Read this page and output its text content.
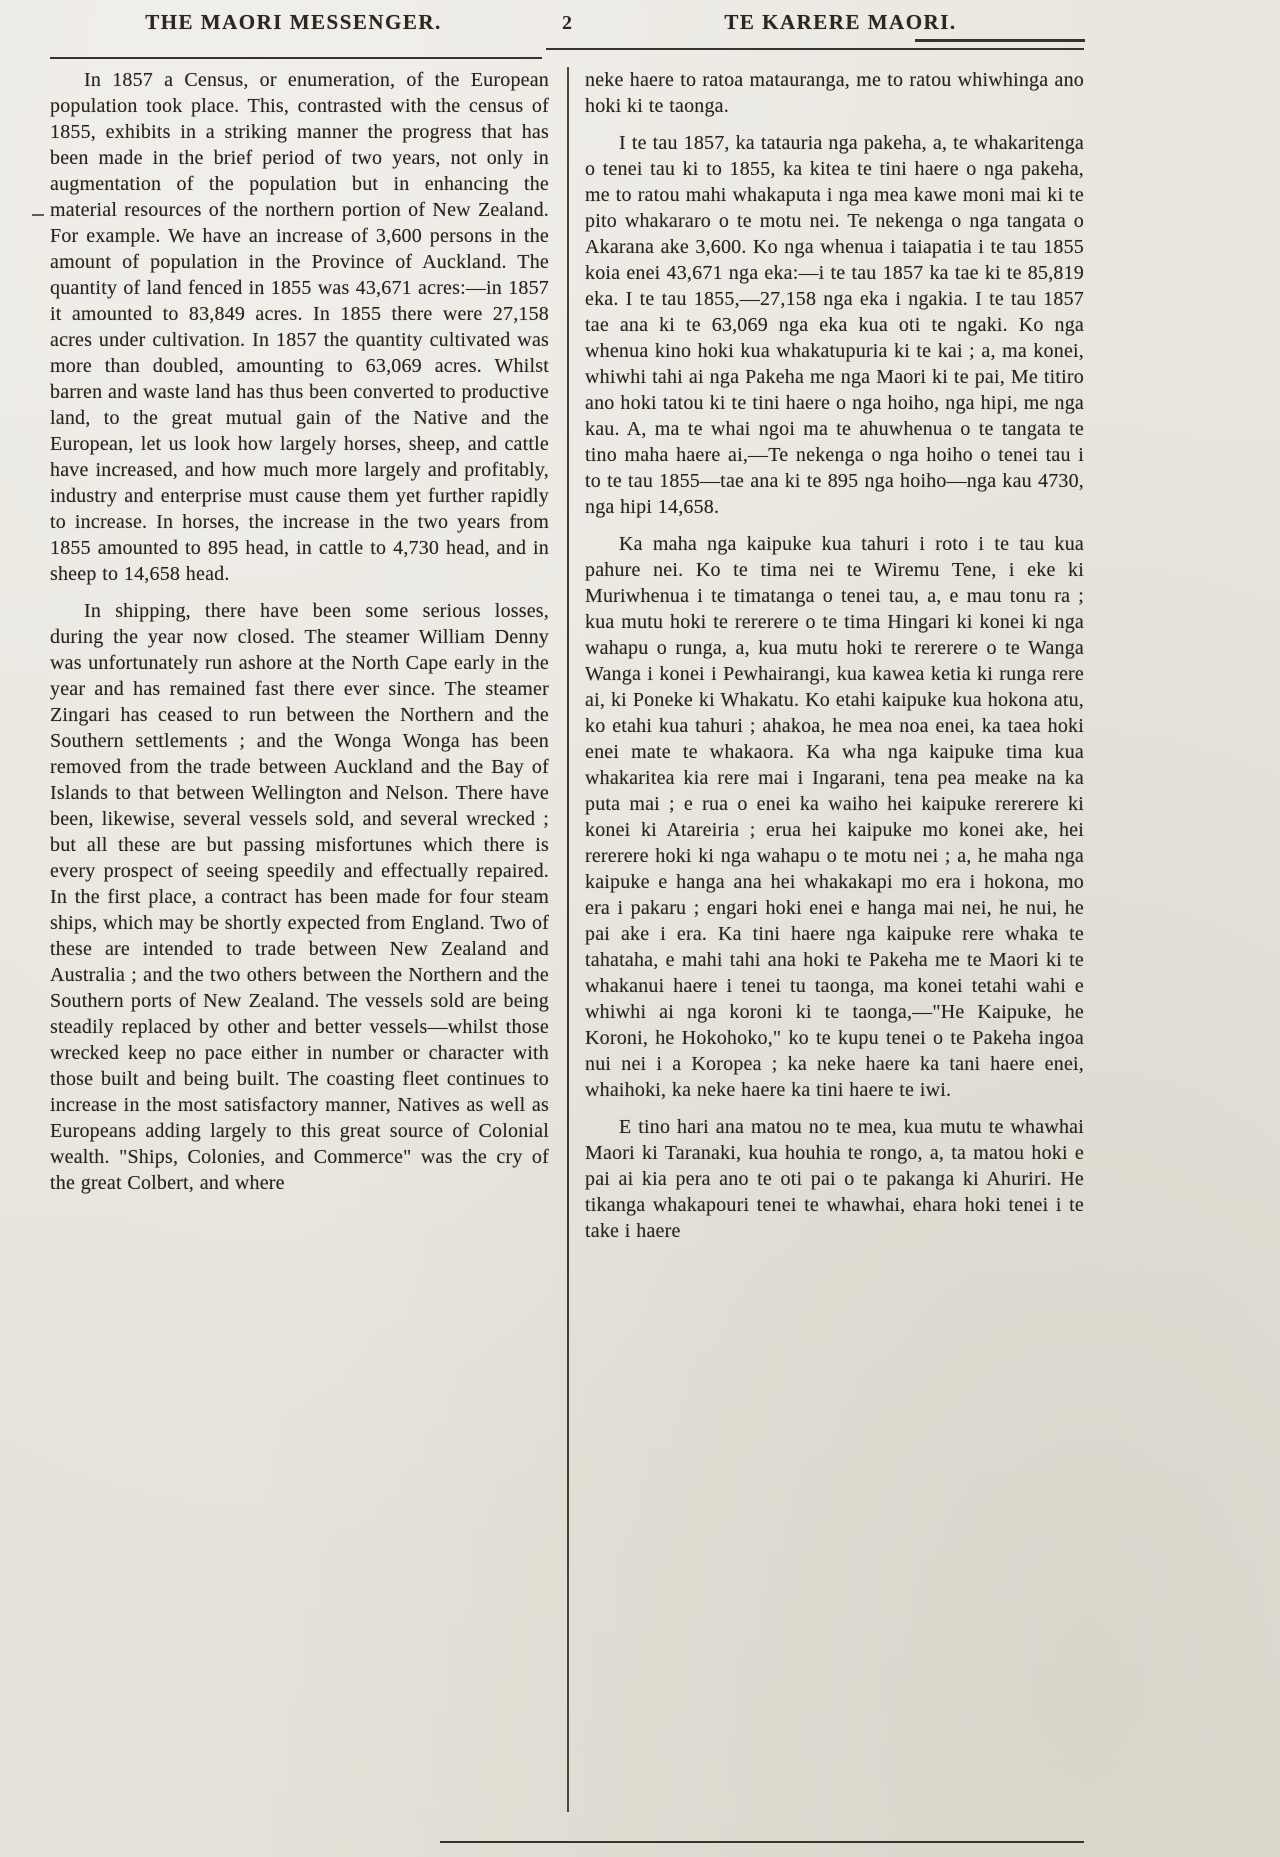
THE MAORI MESSENGER.	2	TE KARERE MAORI.

In 1857 a Census, or enumeration, of the European population took place. This, contrasted with the census of 1855, exhibits in a striking manner the progress that has been made in the brief period of two years, not only in augmentation of the population but in enhancing the material resources of the northern portion of New Zealand. For example. We have an increase of 3,600 persons in the amount of population in the Province of Auckland. The quantity of land fenced in 1855 was 43,671 acres:—in 1857 it amounted to 83,849 acres. In 1855 there were 27,158 acres under cultivation. In 1857 the quantity cultivated was more than doubled, amounting to 63,069 acres. Whilst barren and waste land has thus been converted to productive land, to the great mutual gain of the Native and the European, let us look how largely horses, sheep, and cattle have increased, and how much more largely and profitably, industry and enterprise must cause them yet further rapidly to increase. In horses, the increase in the two years from 1855 amounted to 895 head, in cattle to 4,730 head, and in sheep to 14,658 head.

In shipping, there have been some serious losses, during the year now closed. The steamer William Denny was unfortunately run ashore at the North Cape early in the year and has remained fast there ever since. The steamer Zingari has ceased to run between the Northern and the Southern settlements ; and the Wonga Wonga has been removed from the trade between Auckland and the Bay of Islands to that between Wellington and Nelson. There have been, likewise, several vessels sold, and several wrecked ; but all these are but passing misfortunes which there is every prospect of seeing speedily and effectually repaired. In the first place, a contract has been made for four steam ships, which may be shortly expected from England. Two of these are intended to trade between New Zealand and Australia ; and the two others between the Northern and the Southern ports of New Zealand. The vessels sold are being steadily replaced by other and better vessels—whilst those wrecked keep no pace either in number or character with those built and being built. The coasting fleet continues to increase in the most satisfactory manner, Natives as well as Europeans adding largely to this great source of Colonial wealth. "Ships, Colonies, and Commerce" was the cry of the great Colbert, and where

neke haere to ratoa matauranga, me to ratou whiwhinga ano hoki ki te taonga.

I te tau 1857, ka tatauria nga pakeha, a, te whakaritenga o tenei tau ki to 1855, ka kitea te tini haere o nga pakeha, me to ratou mahi whakaputa i nga mea kawe moni mai ki te pito whakararo o te motu nei. Te nekenga o nga tangata o Akarana ake 3,600. Ko nga whenua i taiapatia i te tau 1855 koia enei 43,671 nga eka:—i te tau 1857 ka tae ki te 85,819 eka. I te tau 1855,—27,158 nga eka i ngakia. I te tau 1857 tae ana ki te 63,069 nga eka kua oti te ngaki. Ko nga whenua kino hoki kua whakatupuria ki te kai ; a, ma konei, whiwhi tahi ai nga Pakeha me nga Maori ki te pai, Me titiro ano hoki tatou ki te tini haere o nga hoiho, nga hipi, me nga kau. A, ma te whai ngoi ma te ahuwhenua o te tangata te tino maha haere ai,—Te nekenga o nga hoiho o tenei tau i to te tau 1855—tae ana ki te 895 nga hoiho—nga kau 4730, nga hipi 14,658.

Ka maha nga kaipuke kua tahuri i roto i te tau kua pahure nei. Ko te tima nei te Wiremu Tene, i eke ki Muriwhenua i te timatanga o tenei tau, a, e mau tonu ra ; kua mutu hoki te rererere o te tima Hingari ki konei ki nga wahapu o runga, a, kua mutu hoki te rererere o te Wanga Wanga i konei i Pewhairangi, kua kawea ketia ki runga rere ai, ki Poneke ki Whakatu. Ko etahi kaipuke kua hokona atu, ko etahi kua tahuri ; ahakoa, he mea noa enei, ka taea hoki enei mate te whakaora. Ka wha nga kaipuke tima kua whakaritea kia rere mai i Ingarani, tena pea meake na ka puta mai ; e rua o enei ka waiho hei kaipuke rererere ki konei ki Atareiria ; erua hei kaipuke mo konei ake, hei rererere hoki ki nga wahapu o te motu nei ; a, he maha nga kaipuke e hanga ana hei whakakapi mo era i hokona, mo era i pakaru ; engari hoki enei e hanga mai nei, he nui, he pai ake i era. Ka tini haere nga kaipuke rere whaka te tahataha, e mahi tahi ana hoki te Pakeha me te Maori ki te whakanui haere i tenei tu taonga, ma konei tetahi wahi e whiwhi ai nga koroni ki te taonga,—"He Kaipuke, he Koroni, he Hokohoko," ko te kupu tenei o te Pakeha ingoa nui nei i a Koropea ; ka neke haere ka tani haere enei, whaihoki, ka neke haere ka tini haere te iwi.

E tino hari ana matou no te mea, kua mutu te whawhai Maori ki Taranaki, kua houhia te rongo, a, ta matou hoki e pai ai kia pera ano te oti pai o te pakanga ki Ahuriri. He tikanga whakapouri tenei te whawhai, ehara hoki tenei i te take i haere
